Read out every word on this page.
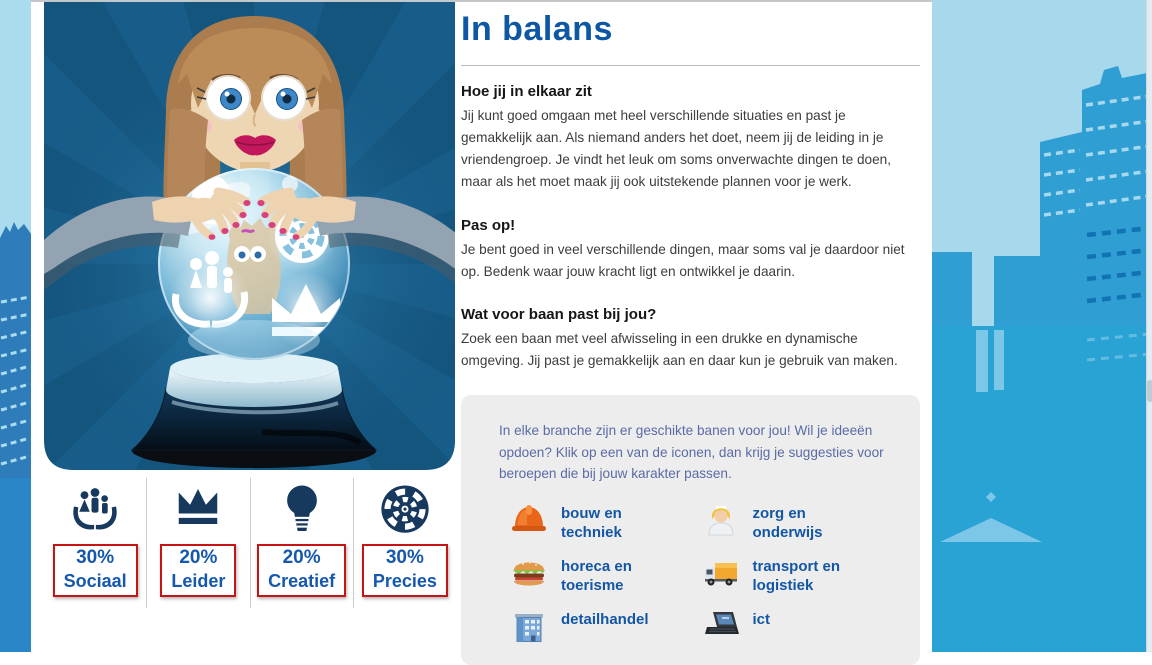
30%
Sociaal
20%
Leider
20%
Creatief
30%
Precies
In balans
Hoe jij in elkaar zit

Jij kunt goed omgaan met heel verschillende situaties en past je gemakkelijk aan. Als niemand anders het doet, neem jij de leiding in je vriendengroep. Je vindt het leuk om soms onverwachte dingen te doen, maar als het moet maak jij ook uitstekende plannen voor je werk.

Pas op!

Je bent goed in veel verschillende dingen, maar soms val je daardoor niet op. Bedenk waar jouw kracht ligt en ontwikkel je daarin.

Wat voor baan past bij jou?

Zoek een baan met veel afwisseling in een drukke en dynamische omgeving. Jij past je gemakkelijk aan en daar kun je gebruik van maken.

In elke branche zijn er geschikte banen voor jou! Wil je ideeën opdoen? Klik op een van de iconen, dan krijg je suggesties voor beroepen die bij jouw karakter passen.

bouw en techniek
zorg en onderwijs
horeca en toerisme
transport en logistiek
detailhandel	ict
